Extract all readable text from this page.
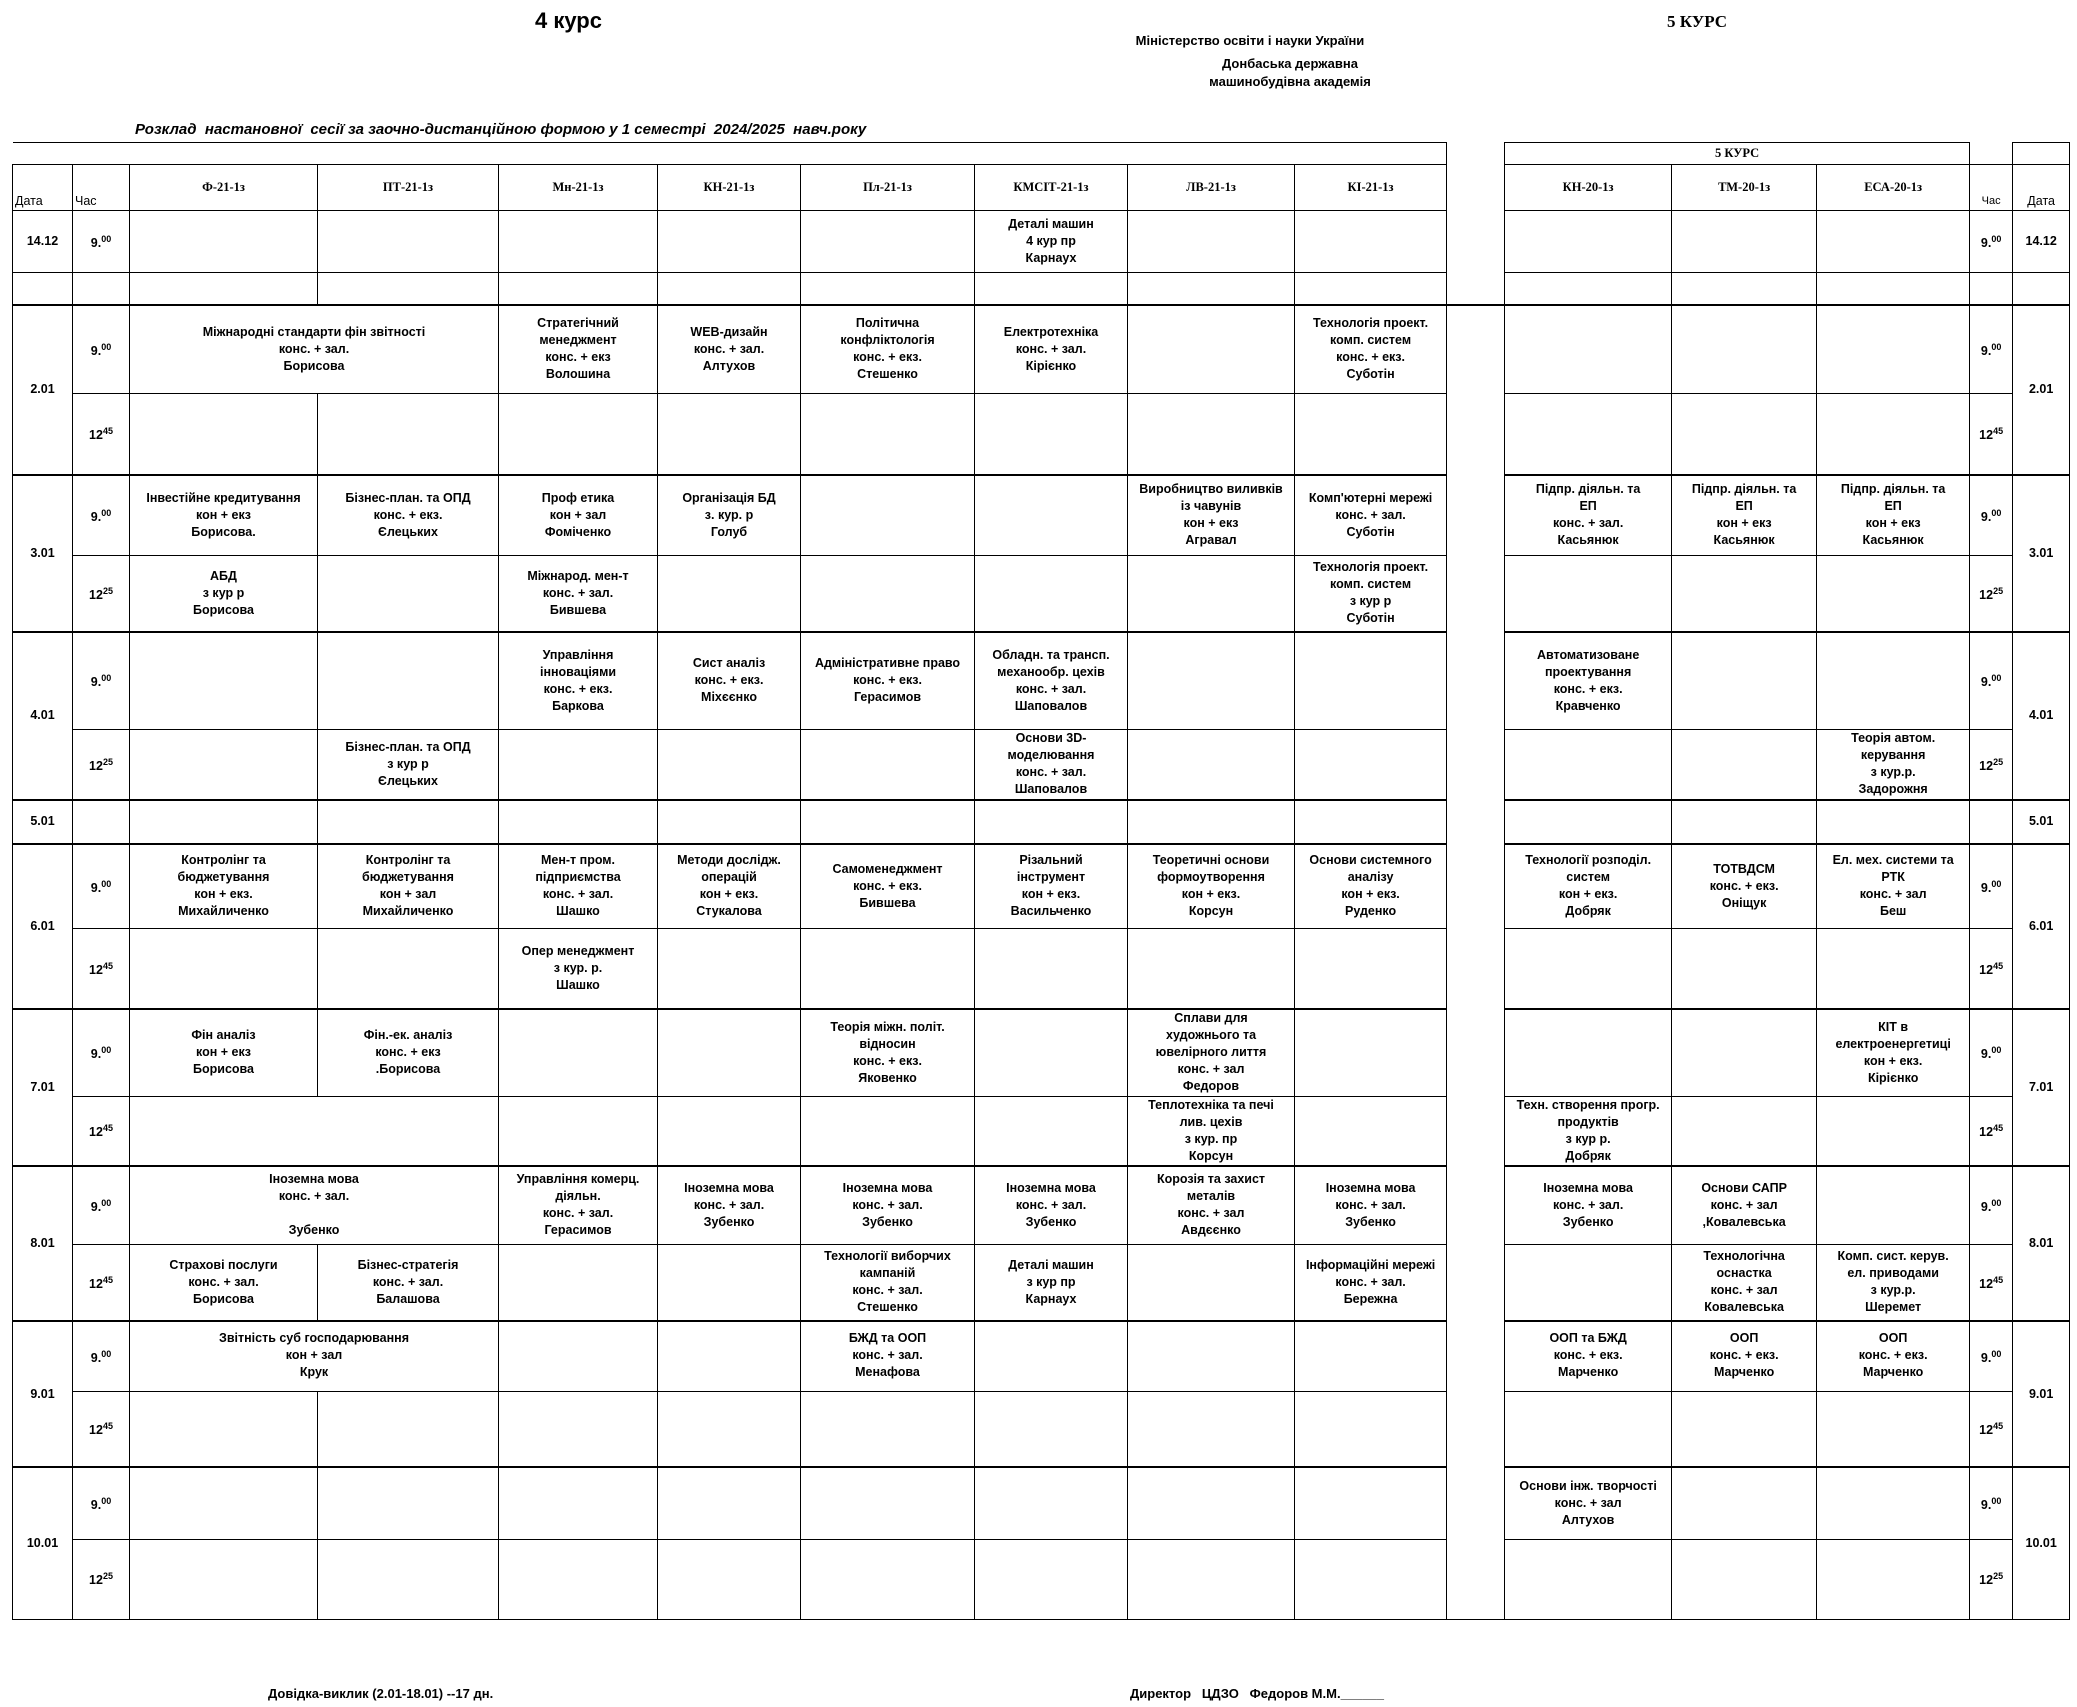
4 курс	5 КУРС
Міністерство освіти і науки України
Донбаська державна
машинобудівна академія
Розклад  настановної  сесії за заочно-дистанційною формою у 1 семестрі  2024/2025  навч.року
											5 КУРС				
Дата	Час	Ф-21-1з	ПТ-21-1з	Мн-21-1з	КН-21-1з	Пл-21-1з	КМСІТ-21-1з	ЛВ-21-1з	КІ-21-1з		КН-20-1з	ТМ-20-1з	ЕСА-20-1з	Час	Дата
14.12	9.00						Деталі машин
4 кур пр
Карнаух							9.00	14.12

2.01	9.00	Міжнародні стандарти фін звітності
конс. + зал.
Борисова		Стратегічний
менеджмент
конс. + екз
Волошина	WEB-дизайн
конс. + зал.
Алтухов	Політична
конфліктологія
конс. + екз.
Стешенко	Електротехніка
конс. + зал.
Кірієнко		Технологія проект.
комп. систем
конс. + екз.
Суботін					9.00	2.01
	$12^{45}$													$12^{45}$
3.01	9.00	Інвестійне кредитування
кон + екз
Борисова.	Бізнес-план. та ОПД
конс. + екз.
Єлецьких	Проф етика
кон + зал
Фоміченко	Організація БД
з. кур. р
Голуб			Виробництво виливків
із чавунів
кон + екз
Агравал	Комп'ютерні мережі
конс. + зал.
Суботін		Підпр. діяльн. та
ЕП
конс. + зал.
Касьянюк	Підпр. діяльн. та
ЕП
кон + екз
Касьянюк	Підпр. діяльн. та
ЕП
кон + екз
Касьянюк	9.00	3.01
	$12^{25}$	АБД
з кур р
Борисова		Міжнарод. мен-т
конс. + зал.
Бившева					Технологія проект.
комп. систем
з кур р
Суботін					$12^{25}$
4.01	9.00			Управління
інноваціями
конс. + екз.
Баркова	Сист аналіз
конс. + екз.
Міхєєнко	Адміністративне право
конс. + екз.
Герасимов	Обладн. та трансп.
механообр. цехів
конс. + зал.
Шаповалов				Автоматизоване
проектування
конс. + екз.
Кравченко			9.00	4.01
	$12^{25}$		Бізнес-план. та ОПД
з кур р
Єлецьких				Основи 3D-
моделювання
конс. + зал.
Шаповалов						Теорія автом.
керування
з кур.р.
Задорожня	$12^{25}$
5.01															5.01
6.01	9.00	Контролінг та
бюджетування
кон + екз.
Михайличенко	Контролінг та
бюджетування
кон + зал
Михайличенко	Мен-т пром.
підприємства
конс. + зал.
Шашко	Методи дослідж.
операцій
кон + екз.
Стукалова	Самоменеджмент
конс. + екз.
Бившева	Різальний
інструмент
кон + екз.
Васильченко	Теоретичні основи
формоутворення
кон + екз.
Корсун	Основи системного
аналізу
кон + екз.
Руденко		Технології розподіл.
систем
кон + екз.
Добряк	ТОТВДСМ
конс. + екз.
Оніщук	Ел. мех. системи та
РТК
конс. + зал
Беш	9.00	6.01
	$12^{45}$			Опер менеджмент
з кур. р.
Шашко										$12^{45}$
7.01	9.00	Фін аналіз
кон + екз
Борисова	Фін.-ек. аналіз
конс. + екз
.Борисова			Теорія міжн. політ.
відносин
конс. + екз.
Яковенко		Сплави для
художнього та
ювелірного лиття
конс. + зал
Федоров					КІТ в
електроенергетиці
кон + екз.
Кірієнко	9.00	7.01
	$12^{45}$							Теплотехніка та печі
лив. цехів
з кур. пр
Корсун			Техн. створення прогр.
продуктів
з кур р.
Добряк			$12^{45}$
8.01	9.00	Іноземна мова
конс. + зал.

Зубенко		Управління комерц.
діяльн.
конс. + зал.
Герасимов	Іноземна мова
конс. + зал.
Зубенко	Іноземна мова
конс. + зал.
Зубенко	Іноземна мова
конс. + зал.
Зубенко	Корозія та захист
металів
конс. + зал
Авдєєнко	Іноземна мова
конс. + зал.
Зубенко		Іноземна мова
конс. + зал.
Зубенко	Основи САПР
конс. + зал
,Ковалевська		9.00	8.01
	$12^{45}$	Страхові послуги
конс. + зал.
Борисова	Бізнес-стратегія
конс. + зал.
Балашова			Технології виборчих
кампаній
конс. + зал.
Стешенко	Деталі машин
з кур пр
Карнаух		Інформаційні мережі
конс. + зал.
Бережна			Технологічна
оснастка
конс. + зал
Ковалевська	Комп. сист. керув.
ел. приводами
з кур.р.
Шеремет	$12^{45}$
9.01	9.00	Звітність суб господарювання
кон + зал
Крук				БЖД та ООП
конс. + зал.
Менафова					ООП та БЖД
конс. + екз.
Марченко	ООП
конс. + екз.
Марченко	ООП
конс. + екз.
Марченко	9.00	9.01
	$12^{45}$													$12^{45}$
10.01	9.00										Основи інж. творчості
конс. + зал
Алтухов			9.00	10.01
	$12^{25}$													$12^{25}$
Довідка-виклик (2.01-18.01) --17 дн.	Директор   ЦДЗО   Федоров М.М.______
